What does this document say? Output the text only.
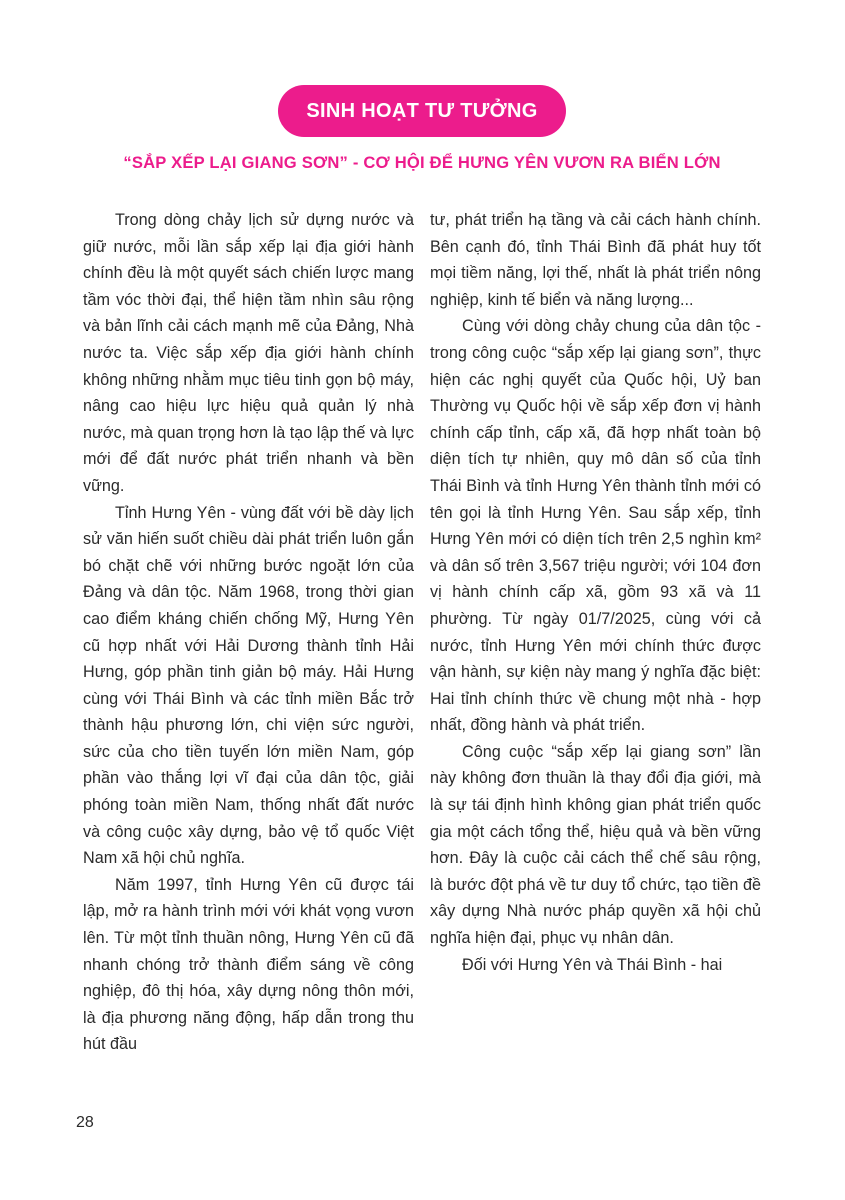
SINH HOẠT TƯ TƯỞNG
“SẮP XẾP LẠI GIANG SƠN” - CƠ HỘI ĐỂ HƯNG YÊN VƯƠN RA BIỂN LỚN

Trong dòng chảy lịch sử dựng nước và giữ nước, mỗi lần sắp xếp lại địa giới hành chính đều là một quyết sách chiến lược mang tầm vóc thời đại, thể hiện tầm nhìn sâu rộng và bản lĩnh cải cách mạnh mẽ của Đảng, Nhà nước ta. Việc sắp xếp địa giới hành chính không những nhằm mục tiêu tinh gọn bộ máy, nâng cao hiệu lực hiệu quả quản lý nhà nước, mà quan trọng hơn là tạo lập thế và lực mới để đất nước phát triển nhanh và bền vững.

Tỉnh Hưng Yên - vùng đất với bề dày lịch sử văn hiến suốt chiều dài phát triển luôn gắn bó chặt chẽ với những bước ngoặt lớn của Đảng và dân tộc. Năm 1968, trong thời gian cao điểm kháng chiến chống Mỹ, Hưng Yên cũ hợp nhất với Hải Dương thành tỉnh Hải Hưng, góp phần tinh giản bộ máy. Hải Hưng cùng với Thái Bình và các tỉnh miền Bắc trở thành hậu phương lớn, chi viện sức người, sức của cho tiền tuyến lớn miền Nam, góp phần vào thắng lợi vĩ đại của dân tộc, giải phóng toàn miền Nam, thống nhất đất nước và công cuộc xây dựng, bảo vệ tổ quốc Việt Nam xã hội chủ nghĩa.

Năm 1997, tỉnh Hưng Yên cũ được tái lập, mở ra hành trình mới với khát vọng vươn lên. Từ một tỉnh thuần nông, Hưng Yên cũ đã nhanh chóng trở thành điểm sáng về công nghiệp, đô thị hóa, xây dựng nông thôn mới, là địa phương năng động, hấp dẫn trong thu hút đầu

tư, phát triển hạ tầng và cải cách hành chính. Bên cạnh đó, tỉnh Thái Bình đã phát huy tốt mọi tiềm năng, lợi thế, nhất là phát triển nông nghiệp, kinh tế biển và năng lượng...

Cùng với dòng chảy chung của dân tộc - trong công cuộc “sắp xếp lại giang sơn”, thực hiện các nghị quyết của Quốc hội, Uỷ ban Thường vụ Quốc hội về sắp xếp đơn vị hành chính cấp tỉnh, cấp xã, đã hợp nhất toàn bộ diện tích tự nhiên, quy mô dân số của tỉnh Thái Bình và tỉnh Hưng Yên thành tỉnh mới có tên gọi là tỉnh Hưng Yên. Sau sắp xếp, tỉnh Hưng Yên mới có diện tích trên 2,5 nghìn km² và dân số trên 3,567 triệu người; với 104 đơn vị hành chính cấp xã, gồm 93 xã và 11 phường. Từ ngày 01/7/2025, cùng với cả nước, tỉnh Hưng Yên mới chính thức được vận hành, sự kiện này mang ý nghĩa đặc biệt: Hai tỉnh chính thức về chung một nhà - hợp nhất, đồng hành và phát triển.

Công cuộc “sắp xếp lại giang sơn” lần này không đơn thuần là thay đổi địa giới, mà là sự tái định hình không gian phát triển quốc gia một cách tổng thể, hiệu quả và bền vững hơn. Đây là cuộc cải cách thể chế sâu rộng, là bước đột phá về tư duy tổ chức, tạo tiền đề xây dựng Nhà nước pháp quyền xã hội chủ nghĩa hiện đại, phục vụ nhân dân.

Đối với Hưng Yên và Thái Bình - hai

28
